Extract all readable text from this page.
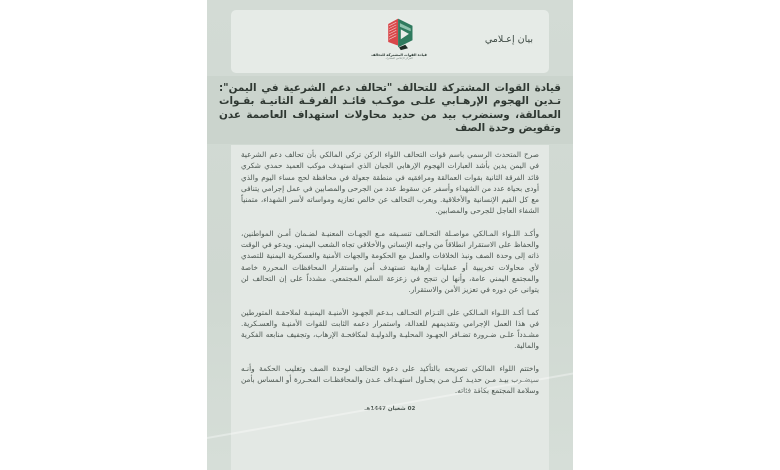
قيادة القوات المشتركة للتحالف
المركز الإعلامي المشترك
بيان إعـلامي
قيادة القوات المشتركة للتحالف "تحالف دعم الشرعية في اليمن": تـدين الهجوم الإرهـابي علـى موكـب قائـد الفرقـة الثانيـة بقـوات العمالقة، وسنضرب بيد من حديد محاولات استهداف العاصمة عدن وتقويض وحدة الصف

صرح المتحدث الرسمي باسم قوات التحالف اللواء الركن تركي المالكي بأن تحالف دعم الشرعية في اليمن يدين بأشد العبارات الهجوم الإرهابي الجبان الذي استهدف موكب العميد حمدي شكري قائد الفرقة الثانية بقوات العمالقة ومرافقيه في منطقة جعولة في محافظة لحج مساء اليوم والذي أودى بحياة عدد من الشهداء وأسفر عن سقوط عدد من الجرحى والمصابين في عمل إجرامي يتنافى مع كل القيم الإنسانية والأخلاقية. ويعرب التحالف عن خالص تعازيه ومواساته لأسر الشهداء، متمنياً الشفاء العاجل للجرحى والمصابين.

وأكـد اللـواء المـالكي مواصـلة التحـالف تنسـيقه مـع الجهـات المعنيـة لضـمان أمـن المواطنين، والحفاظ على الاستقرار انطلاقاً من واجبه الإنساني والأخلاقي تجاه الشعب اليمني. ويدعو في الوقت ذاته إلى وحدة الصف ونبذ الخلافات والعمل مع الحكومة والجهات الأمنية والعسكرية اليمنية للتصدي لأي محاولات تخريبية أو عمليات إرهابية تستهدف أمن واستقرار المحافظات المحررة خاصة والمجتمع اليمني عامة، وأنها لن تنجح في زعزعة السلم المجتمعي. مشدداً على إن التحالف لن يتوانى عن دوره في تعزيز الأمن والاستقرار.

كمـا أكـد اللـواء المـالكي على التـزام التحـالف بـدعم الجهـود الأمنيـة اليمنيـة لملاحقـة المتورطين في هذا العمل الإجرامي وتقديمهم للعدالة، واستمرار دعمه الثابت للقوات الأمنيـة والعسـكرية. مشـدداً علـى ضـرورة تضـافر الجهـود المحليـة والدوليـة لمكافحـة الإرهاب، وتجفيف منابعه الفكرية والمالية.

واختتم اللواء المالكي تصريحه بالتأكيد على دعوة التحالف لوحدة الصف وتغليب الحكمة وأنـه سيضـرب بيـد مـن حديـد كـل مـن يحـاول استهـداف عـدن والمحافظـات المحـررة أو المساس بأمن وسلامة المجتمع بكافة فئاته.

02 شعبان 1447هـ
